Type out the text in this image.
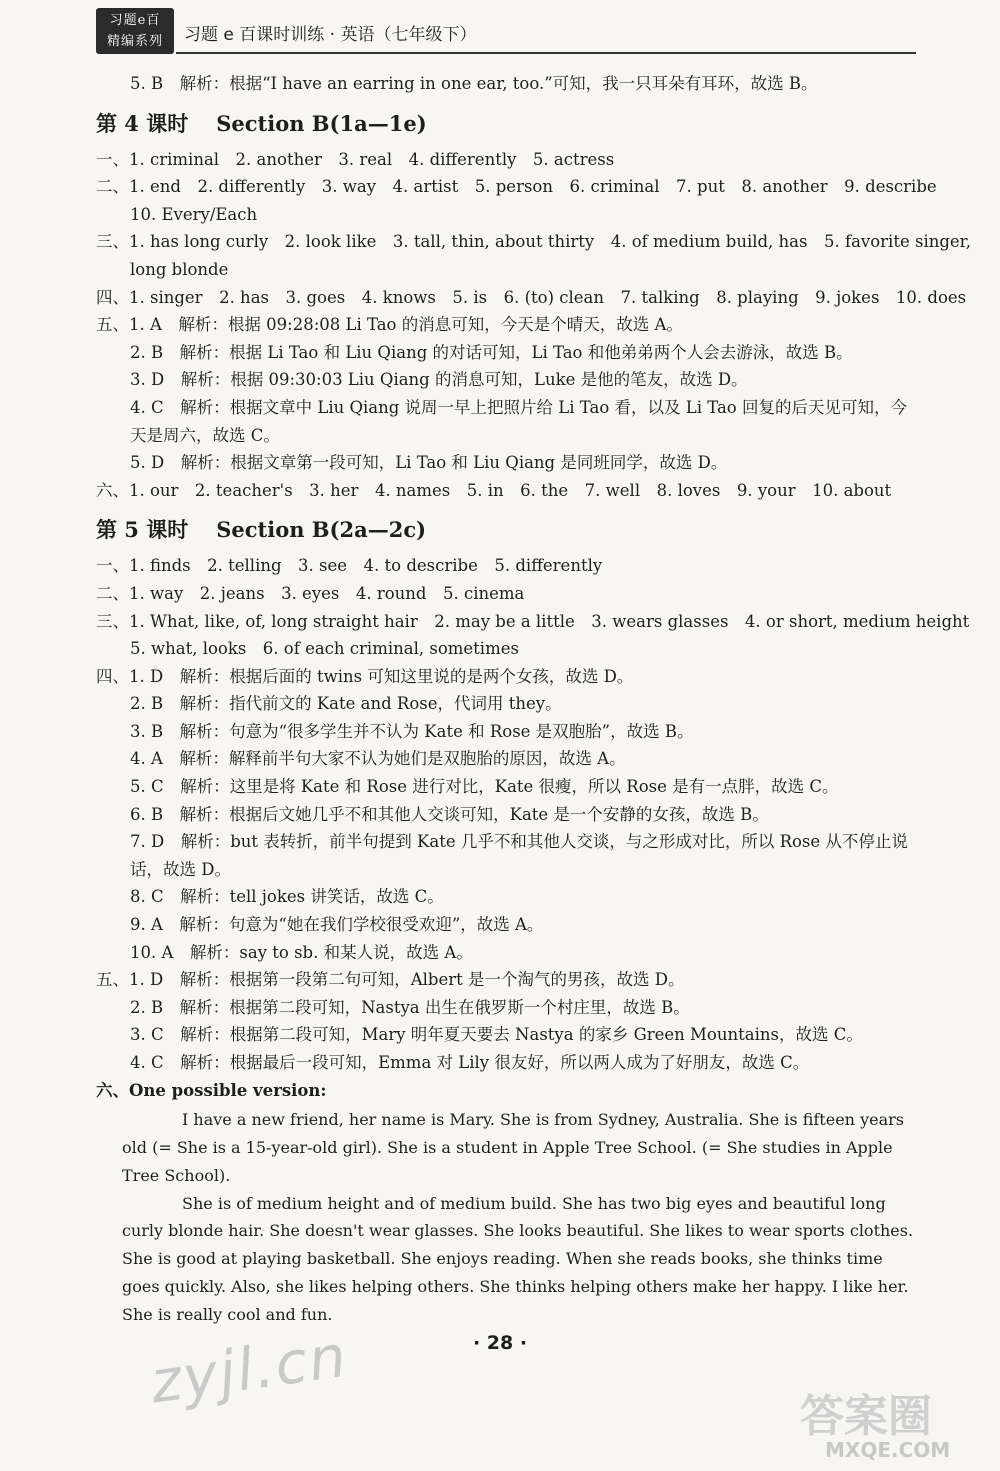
习题e百
精编系列	习题 e 百课时训练 · 英语（七年级下）
5. B　解析：根据“I have an earring in one ear, too.”可知，我一只耳朵有耳环，故选 B。
第 4 课时 Section B(1a—1e)
一、1. criminal　2. another　3. real　4. differently　5. actress
二、1. end　2. differently　3. way　4. artist　5. person　6. criminal　7. put　8. another　9. describe
10. Every/Each
三、1. has long curly　2. look like　3. tall, thin, about thirty　4. of medium build, has　5. favorite singer,
long blonde
四、1. singer　2. has　3. goes　4. knows　5. is　6. (to) clean　7. talking　8. playing　9. jokes　10. does
五、1. A　解析：根据 09:28:08 Li Tao 的消息可知，今天是个晴天，故选 A。
2. B　解析：根据 Li Tao 和 Liu Qiang 的对话可知，Li Tao 和他弟弟两个人会去游泳，故选 B。
3. D　解析：根据 09:30:03 Liu Qiang 的消息可知，Luke 是他的笔友，故选 D。
4. C　解析：根据文章中 Liu Qiang 说周一早上把照片给 Li Tao 看，以及 Li Tao 回复的后天见可知，今
天是周六，故选 C。
5. D　解析：根据文章第一段可知，Li Tao 和 Liu Qiang 是同班同学，故选 D。
六、1. our　2. teacher's　3. her　4. names　5. in　6. the　7. well　8. loves　9. your　10. about
第 5 课时 Section B(2a—2c)
一、1. finds　2. telling　3. see　4. to describe　5. differently
二、1. way　2. jeans　3. eyes　4. round　5. cinema
三、1. What, like, of, long straight hair　2. may be a little　3. wears glasses　4. or short, medium height
5. what, looks　6. of each criminal, sometimes
四、1. D　解析：根据后面的 twins 可知这里说的是两个女孩，故选 D。
2. B　解析：指代前文的 Kate and Rose，代词用 they。
3. B　解析：句意为“很多学生并不认为 Kate 和 Rose 是双胞胎”，故选 B。
4. A　解析：解释前半句大家不认为她们是双胞胎的原因，故选 A。
5. C　解析：这里是将 Kate 和 Rose 进行对比，Kate 很瘦，所以 Rose 是有一点胖，故选 C。
6. B　解析：根据后文她几乎不和其他人交谈可知，Kate 是一个安静的女孩，故选 B。
7. D　解析：but 表转折，前半句提到 Kate 几乎不和其他人交谈，与之形成对比，所以 Rose 从不停止说
话，故选 D。
8. C　解析：tell jokes 讲笑话，故选 C。
9. A　解析：句意为“她在我们学校很受欢迎”，故选 A。
10. A　解析：say to sb. 和某人说，故选 A。
五、1. D　解析：根据第一段第二句可知，Albert 是一个淘气的男孩，故选 D。
2. B　解析：根据第二段可知，Nastya 出生在俄罗斯一个村庄里，故选 B。
3. C　解析：根据第二段可知，Mary 明年夏天要去 Nastya 的家乡 Green Mountains，故选 C。
4. C　解析：根据最后一段可知，Emma 对 Lily 很友好，所以两人成为了好朋友，故选 C。
六、One possible version:

I have a new friend, her name is Mary. She is from Sydney, Australia. She is fifteen years old (= She is a 15-year-old girl). She is a student in Apple Tree School. (= She studies in Apple Tree School).

She is of medium height and of medium build. She has two big eyes and beautiful long curly blonde hair. She doesn't wear glasses. She looks beautiful. She likes to wear sports clothes. She is good at playing basketball. She enjoys reading. When she reads books, she thinks time goes quickly. Also, she likes helping others. She thinks helping others make her happy. I like her. She is really cool and fun.

· 28 ·
zyjl.cn
答案圈
MXQE.COM
